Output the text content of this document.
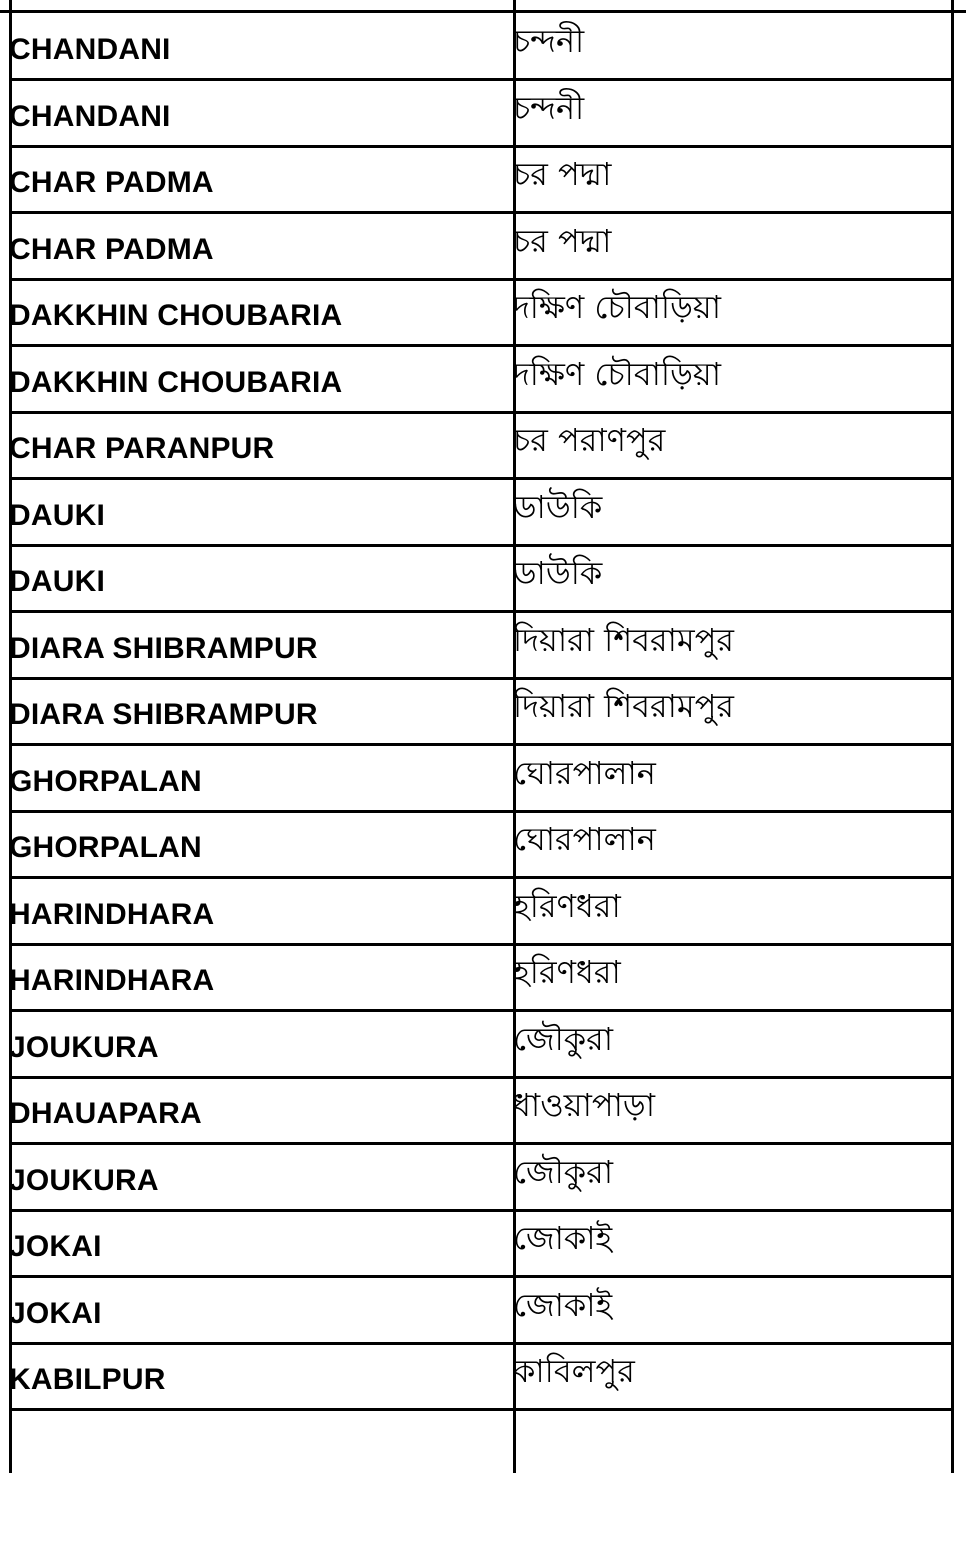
CHANDANI	চন্দনী
CHANDANI	চন্দনী
CHAR PADMA	চর পদ্মা
CHAR PADMA	চর পদ্মা
DAKKHIN CHOUBARIA	দক্ষিণ চৌবাড়িয়া
DAKKHIN CHOUBARIA	দক্ষিণ চৌবাড়িয়া
CHAR PARANPUR	চর পরাণপুর
DAUKI	ডাউকি
DAUKI	ডাউকি
DIARA SHIBRAMPUR	দিয়ারা শিবরামপুর
DIARA SHIBRAMPUR	দিয়ারা শিবরামপুর
GHORPALAN	ঘোরপালান
GHORPALAN	ঘোরপালান
HARINDHARA	হরিণধরা
HARINDHARA	হরিণধরা
JOUKURA	জৌকুরা
DHAUAPARA	ধাওয়াপাড়া
JOUKURA	জৌকুরা
JOKAI	জোকাই
JOKAI	জোকাই
KABILPUR	কাবিলপুর
